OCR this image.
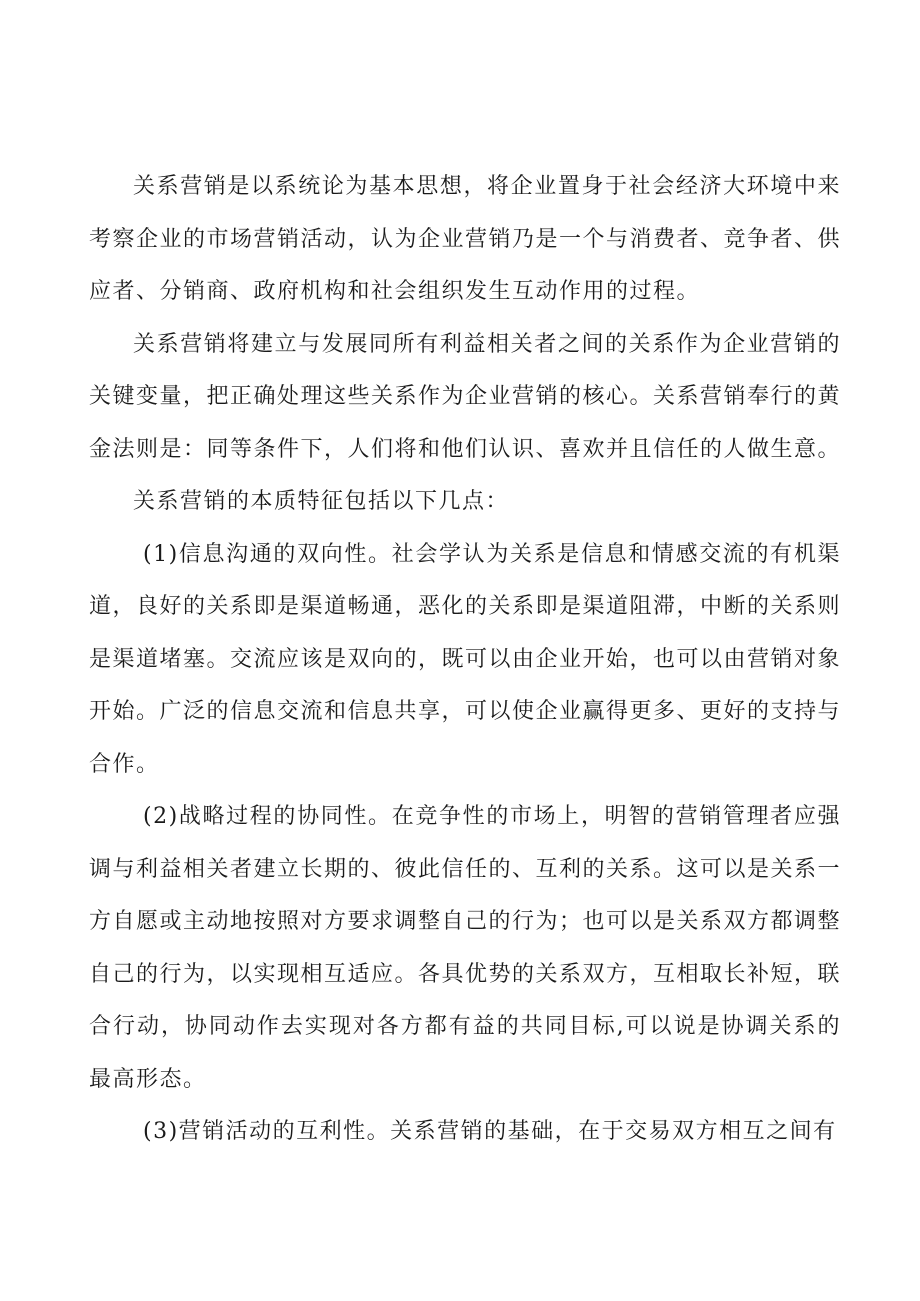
关系营销是以系统论为基本思想，将企业置身于社会经济大环境中来考察企业的市场营销活动，认为企业营销乃是一个与消费者、竞争者、供应者、分销商、政府机构和社会组织发生互动作用的过程。

关系营销将建立与发展同所有利益相关者之间的关系作为企业营销的关键变量，把正确处理这些关系作为企业营销的核心。关系营销奉行的黄金法则是：同等条件下，人们将和他们认识、喜欢并且信任的人做生意。

关系营销的本质特征包括以下几点：

(1)信息沟通的双向性。社会学认为关系是信息和情感交流的有机渠道，良好的关系即是渠道畅通，恶化的关系即是渠道阻滞，中断的关系则是渠道堵塞。交流应该是双向的，既可以由企业开始，也可以由营销对象开始。广泛的信息交流和信息共享，可以使企业赢得更多、更好的支持与合作。

(2)战略过程的协同性。在竞争性的市场上，明智的营销管理者应强调与利益相关者建立长期的、彼此信任的、互利的关系。这可以是关系一方自愿或主动地按照对方要求调整自己的行为；也可以是关系双方都调整自己的行为，以实现相互适应。各具优势的关系双方，互相取长补短，联合行动，协同动作去实现对各方都有益的共同目标,可以说是协调关系的最高形态。

(3)营销活动的互利性。关系营销的基础，在于交易双方相互之间有
